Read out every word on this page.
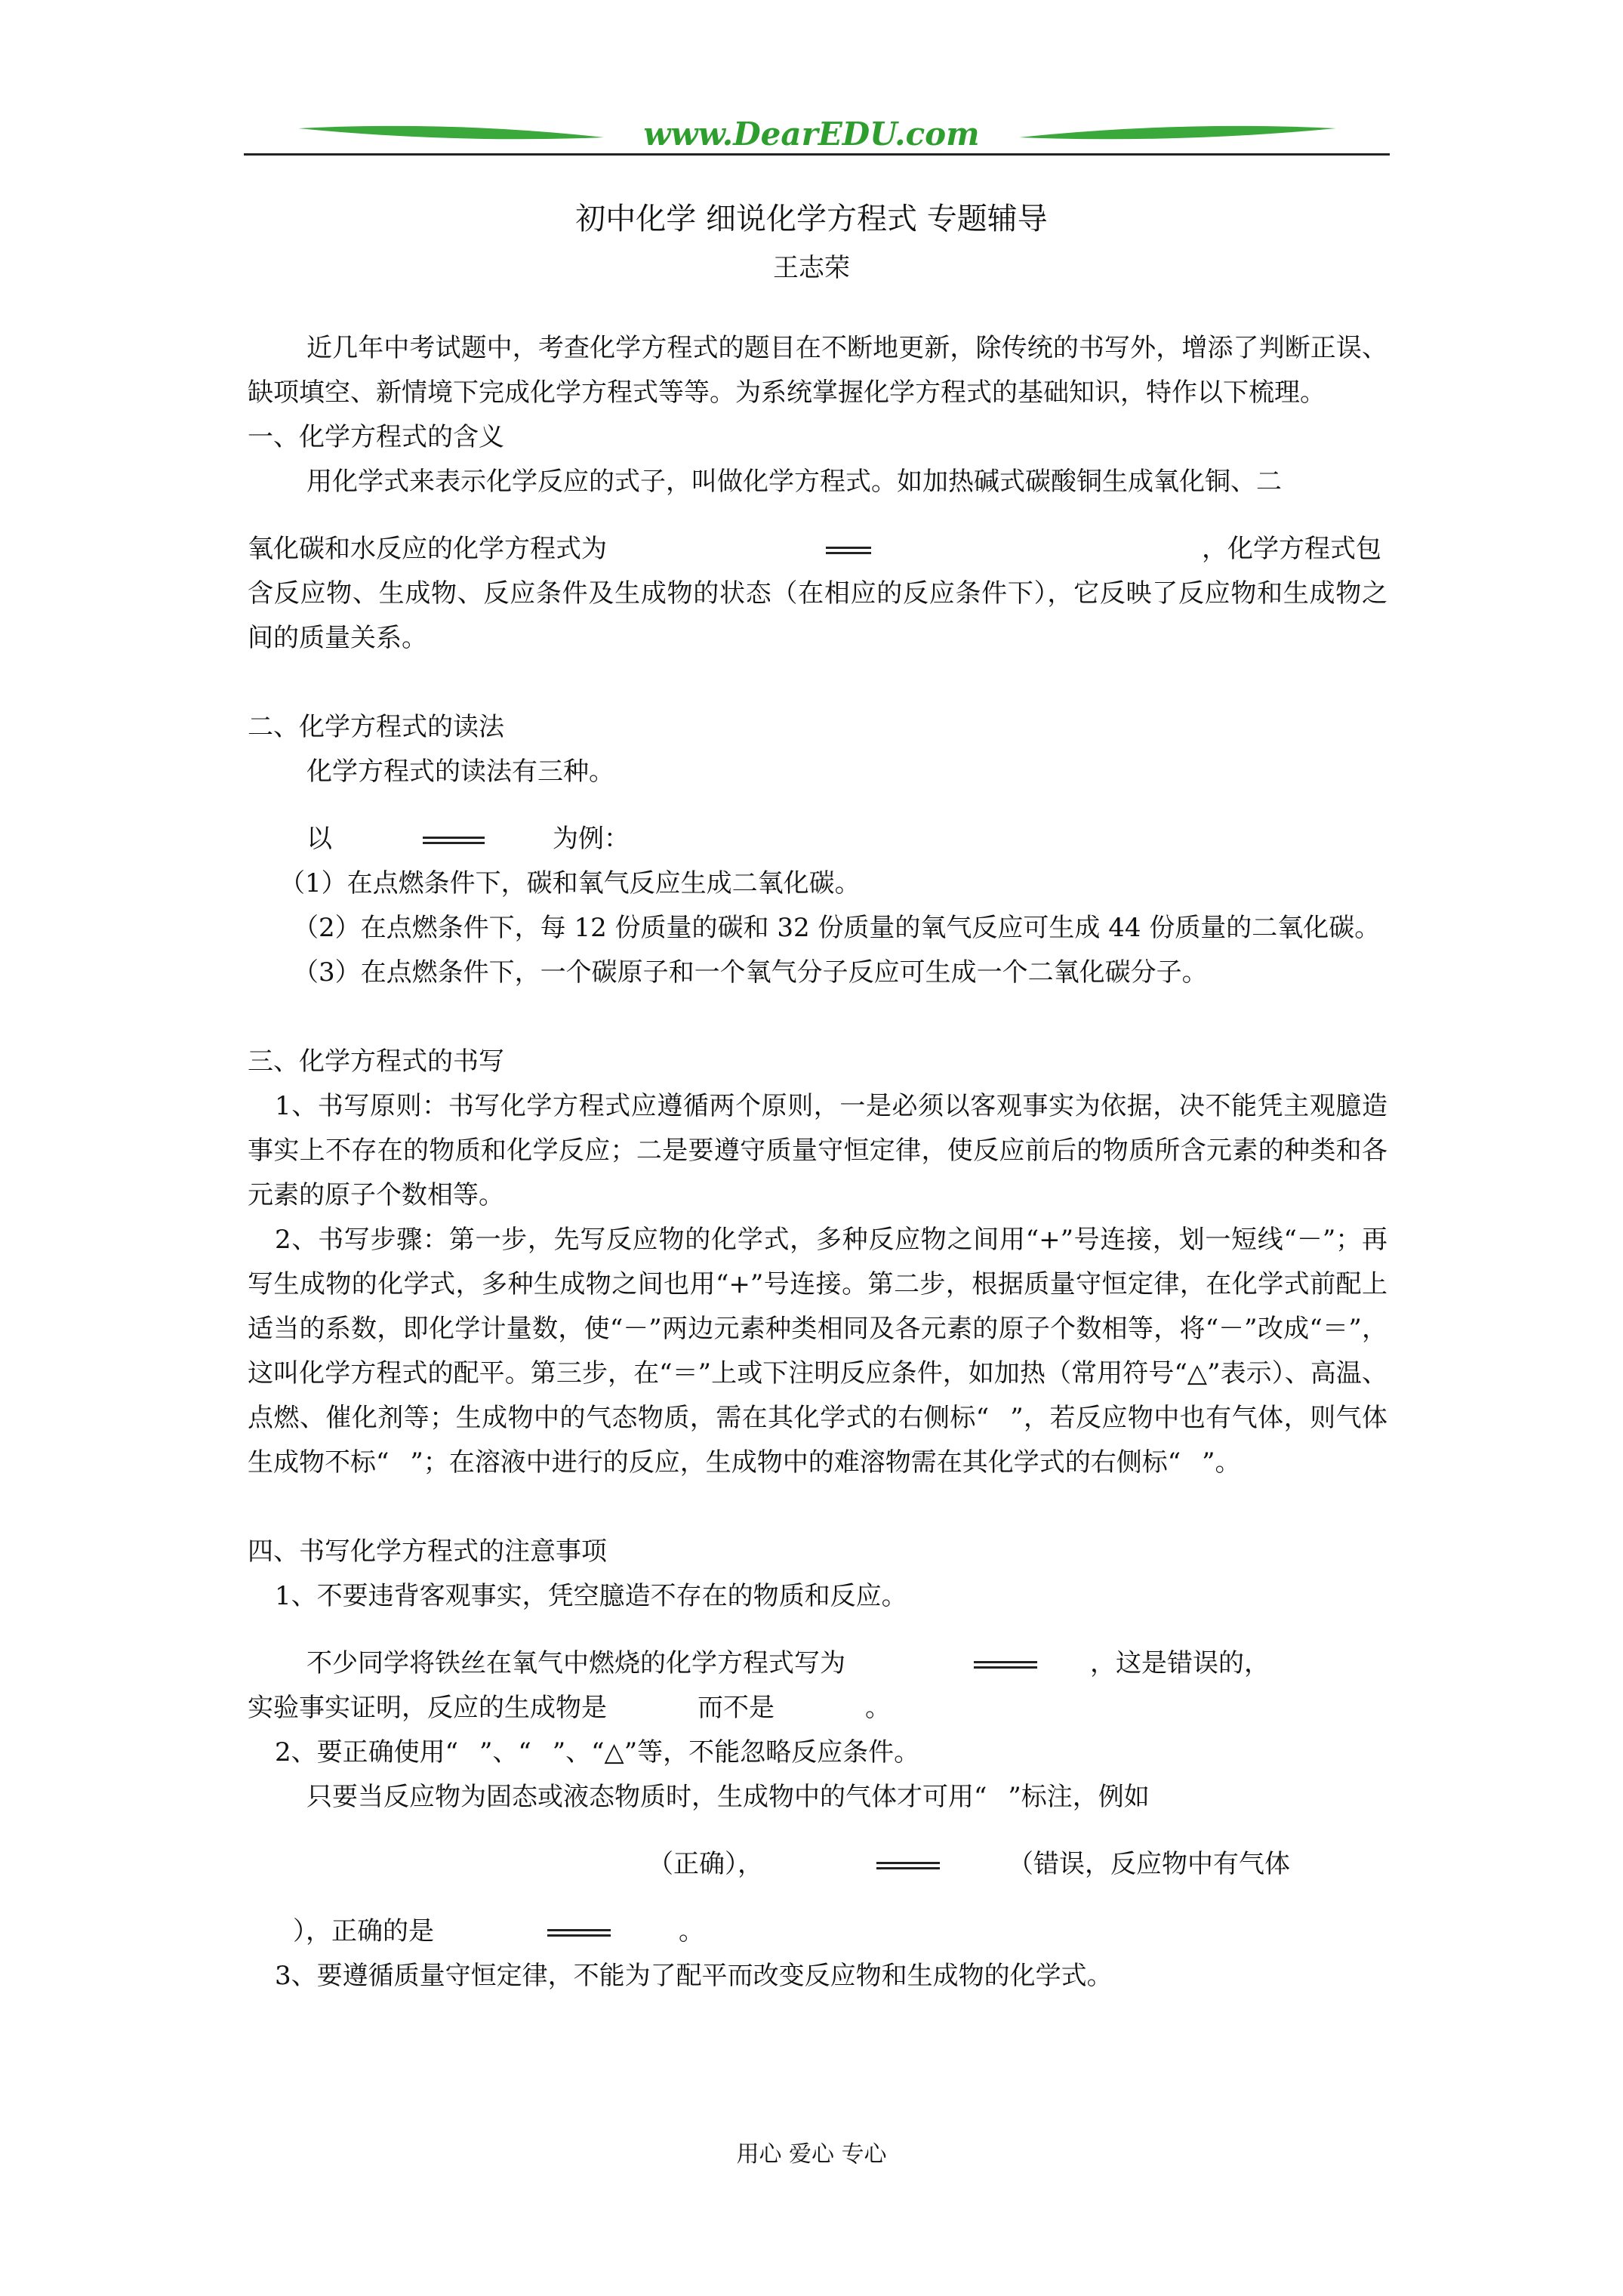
www.DearEDU.com
初中化学 细说化学方程式 专题辅导
王志荣

近几年中考试题中，考查化学方程式的题目在不断地更新，除传统的书写外，增添了判断正误、缺项填空、新情境下完成化学方程式等等。为系统掌握化学方程式的基础知识，特作以下梳理。

一、化学方程式的含义

用化学式来表示化学反应的式子，叫做化学方程式。如加热碱式碳酸铜生成氧化铜、二

氧化碳和水反应的化学方程式为	，化学方程式包

含反应物、生成物、反应条件及生成物的状态（在相应的反应条件下），它反映了反应物和生成物之间的质量关系。

二、化学方程式的读法

化学方程式的读法有三种。

以	为例：

（1）在点燃条件下，碳和氧气反应生成二氧化碳。

（2）在点燃条件下，每 12 份质量的碳和 32 份质量的氧气反应可生成 44 份质量的二氧化碳。

（3）在点燃条件下，一个碳原子和一个氧气分子反应可生成一个二氧化碳分子。

三、化学方程式的书写

1、书写原则：书写化学方程式应遵循两个原则，一是必须以客观事实为依据，决不能凭主观臆造事实上不存在的物质和化学反应；二是要遵守质量守恒定律，使反应前后的物质所含元素的种类和各元素的原子个数相等。

2、书写步骤：第一步，先写反应物的化学式，多种反应物之间用“+”号连接，划一短线“－”；再写生成物的化学式，多种生成物之间也用“+”号连接。第二步，根据质量守恒定律，在化学式前配上适当的系数，即化学计量数，使“－”两边元素种类相同及各元素的原子个数相等，将“－”改成“＝”，这叫化学方程式的配平。第三步，在“＝”上或下注明反应条件，如加热（常用符号“△”表示）、高温、点燃、催化剂等；生成物中的气态物质，需在其化学式的右侧标“ ”，若反应物中也有气体，则气体生成物不标“ ”；在溶液中进行的反应，生成物中的难溶物需在其化学式的右侧标“ ”。

四、书写化学方程式的注意事项

1、不要违背客观事实，凭空臆造不存在的物质和反应。

不少同学将铁丝在氧气中燃烧的化学方程式写为	，这是错误的，

实验事实证明，反应的生成物是	而不是	。

2、要正确使用“ ”、“ ”、“△”等，不能忽略反应条件。

只要当反应物为固态或液态物质时，生成物中的气体才可用“ ”标注，例如

（正确），	（错误，反应物中有气体

），正确的是	。

3、要遵循质量守恒定律，不能为了配平而改变反应物和生成物的化学式。

用心 爱心 专心
